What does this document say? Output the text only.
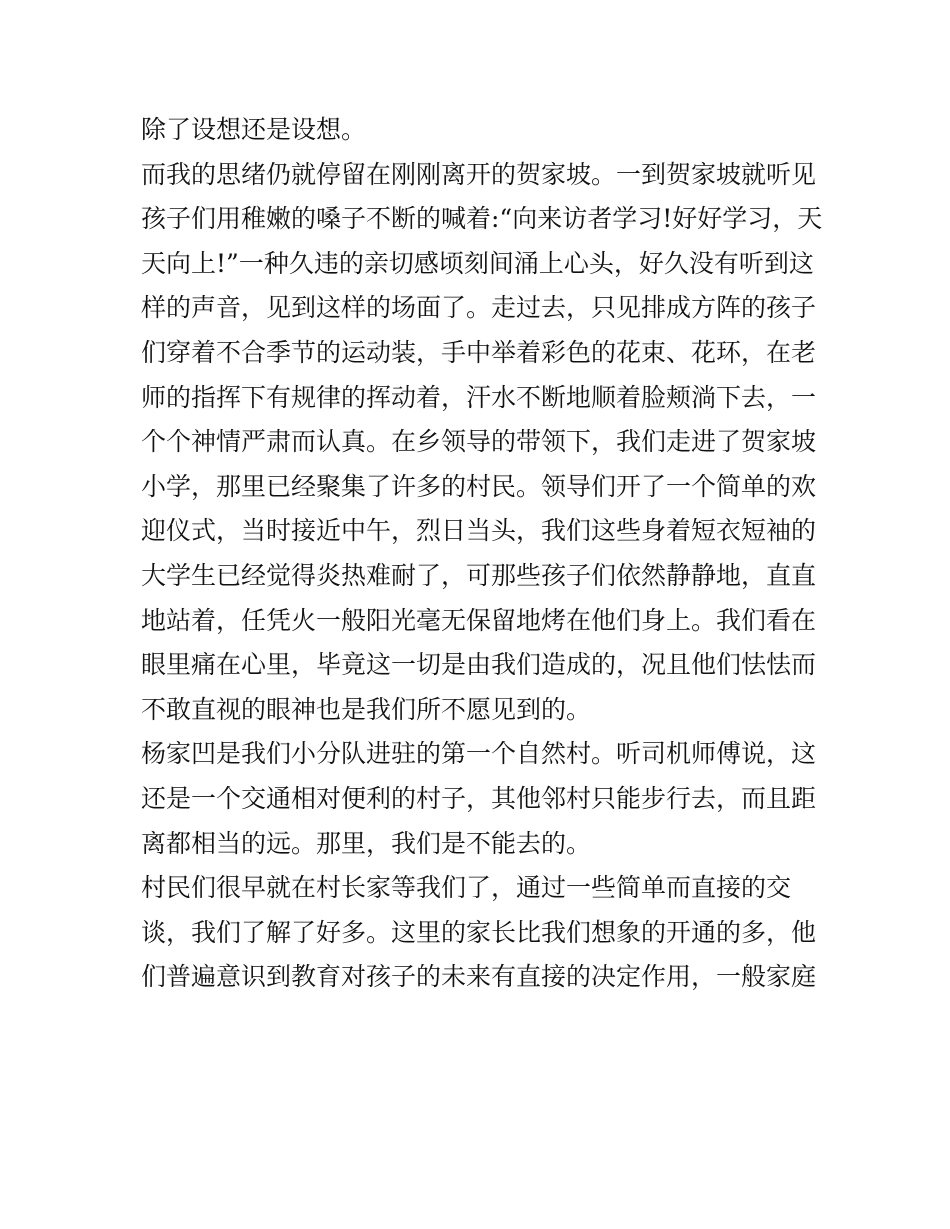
除了设想还是设想。
而我的思绪仍就停留在刚刚离开的贺家坡。一到贺家坡就听见
孩子们用稚嫩的嗓子不断的喊着:“向来访者学习!好好学习，天
天向上!”一种久违的亲切感顷刻间涌上心头，好久没有听到这
样的声音，见到这样的场面了。走过去，只见排成方阵的孩子
们穿着不合季节的运动装，手中举着彩色的花束、花环，在老
师的指挥下有规律的挥动着，汗水不断地顺着脸颊淌下去，一
个个神情严肃而认真。在乡领导的带领下，我们走进了贺家坡
小学，那里已经聚集了许多的村民。领导们开了一个简单的欢
迎仪式，当时接近中午，烈日当头，我们这些身着短衣短袖的
大学生已经觉得炎热难耐了，可那些孩子们依然静静地，直直
地站着，任凭火一般阳光毫无保留地烤在他们身上。我们看在
眼里痛在心里，毕竟这一切是由我们造成的，况且他们怯怯而
不敢直视的眼神也是我们所不愿见到的。
杨家凹是我们小分队进驻的第一个自然村。听司机师傅说，这
还是一个交通相对便利的村子，其他邻村只能步行去，而且距
离都相当的远。那里，我们是不能去的。
村民们很早就在村长家等我们了，通过一些简单而直接的交
谈，我们了解了好多。这里的家长比我们想象的开通的多，他
们普遍意识到教育对孩子的未来有直接的决定作用，一般家庭
